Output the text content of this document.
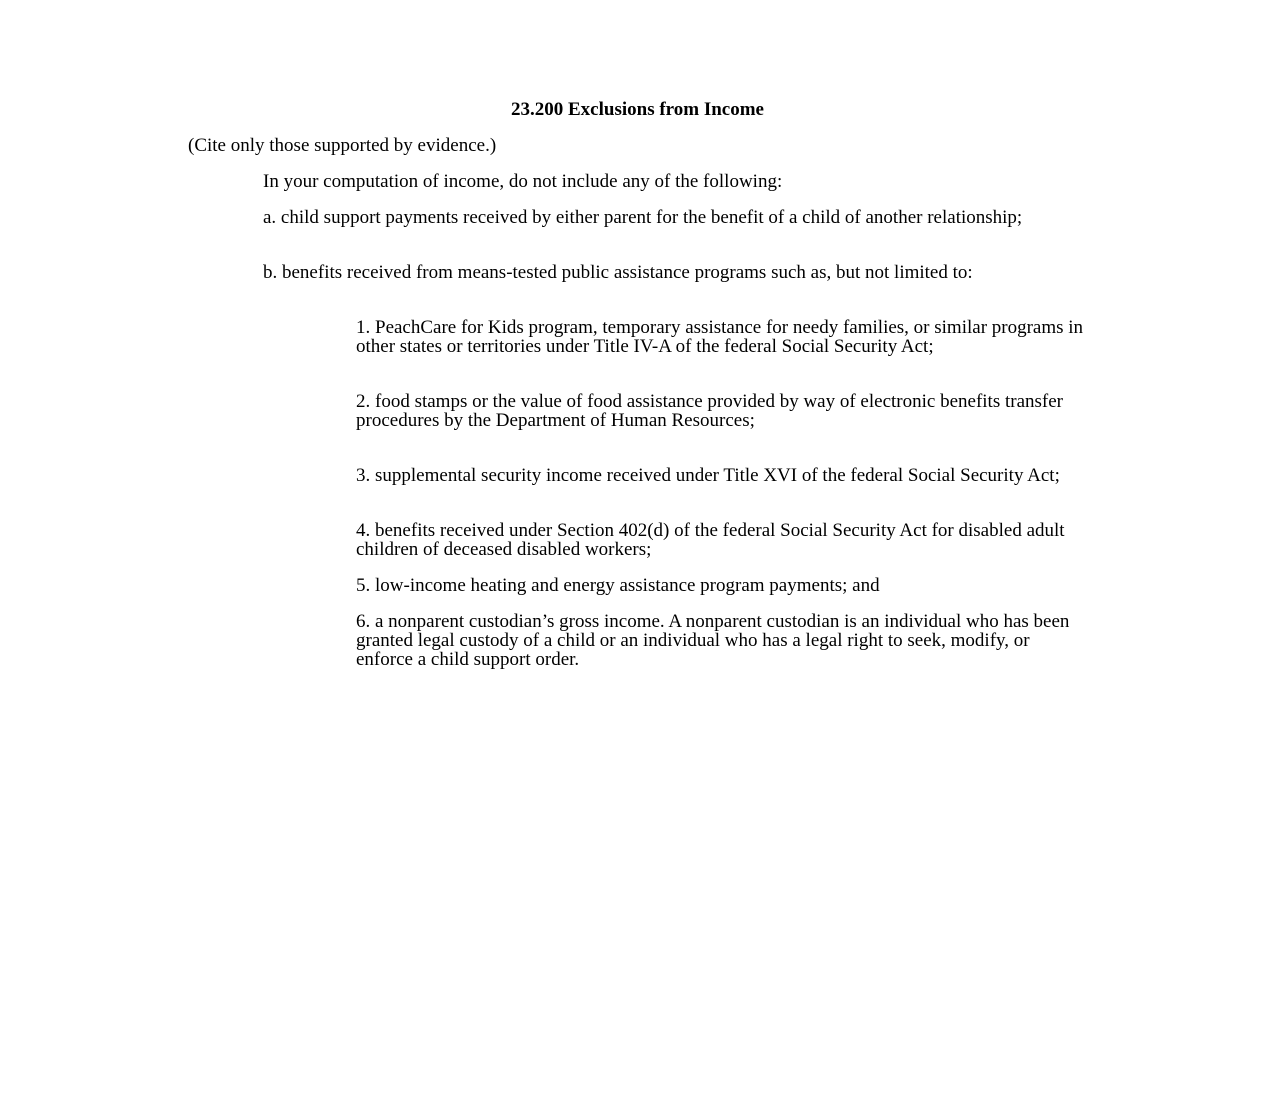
23.200 Exclusions from Income

(Cite only those supported by evidence.)

In your computation of income, do not include any of the following:

a. child support payments received by either parent for the benefit of a child of another relationship;

b. benefits received from means-tested public assistance programs such as, but not limited to:

1. PeachCare for Kids program, temporary assistance for needy families, or similar programs in other states or territories under Title IV-A of the federal Social Security Act;

2. food stamps or the value of food assistance provided by way of electronic benefits transfer procedures by the Department of Human Resources;

3. supplemental security income received under Title XVI of the federal Social Security Act;

4. benefits received under Section 402(d) of the federal Social Security Act for disabled adult children of deceased disabled workers;

5. low-income heating and energy assistance program payments; and

6. a nonparent custodian’s gross income. A nonparent custodian is an individual who has been granted legal custody of a child or an individual who has a legal right to seek, modify, or enforce a child support order.
